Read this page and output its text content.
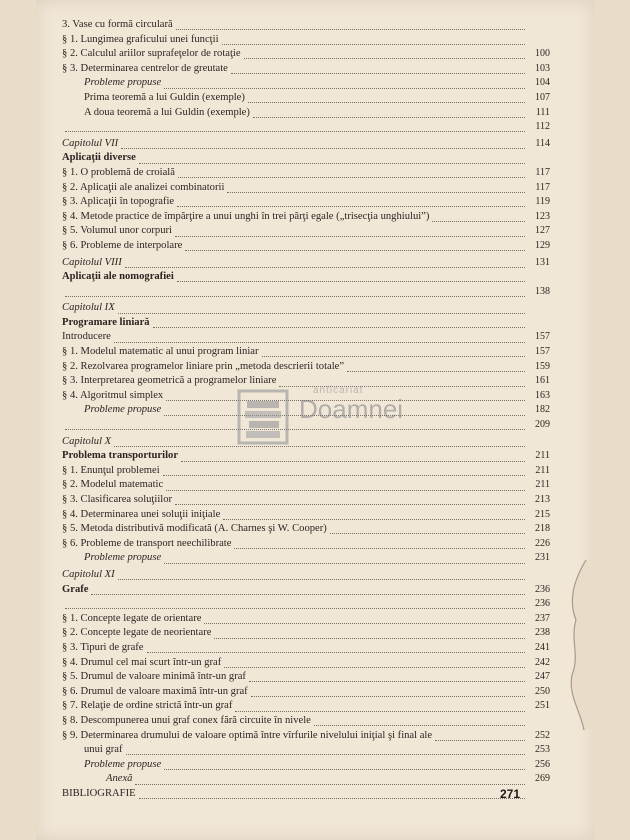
3. Vase cu formă circulară
§ 1. Lungimea graficului unei funcţii
§ 2. Calculul ariilor suprafeţelor de rotaţie	100
§ 3. Determinarea centrelor de greutate	103
Probleme propuse	104
Prima teoremă a lui Guldin (exemple)	107
A doua teoremă a lui Guldin (exemple)	111
112
Capitolul VII	114
Aplicaţii diverse
§ 1. O problemă de croială	117
§ 2. Aplicaţii ale analizei combinatorii	117
§ 3. Aplicaţii în topografie	119
§ 4. Metode practice de împărţire a unui unghi în trei părţi egale („trisecţia unghiului”)	123
§ 5. Volumul unor corpuri	127
§ 6. Probleme de interpolare	129
Capitolul VIII	131
Aplicaţii ale nomografiei
138
Capitolul IX
Programare liniară
Introducere	157
§ 1. Modelul matematic al unui program liniar	157
§ 2. Rezolvarea programelor liniare prin „metoda descrierii totale”	159
§ 3. Interpretarea geometrică a programelor liniare	161
§ 4. Algoritmul simplex	163
Probleme propuse	182
209
Capitolul X
Problema transporturilor	211
§ 1. Enunţul problemei	211
§ 2. Modelul matematic	211
§ 3. Clasificarea soluţiilor	213
§ 4. Determinarea unei soluţii iniţiale	215
§ 5. Metoda distributivă modificată (A. Charnes şi W. Cooper)	218
§ 6. Probleme de transport neechilibrate	226
Probleme propuse	231
Capitolul XI
Grafe	236
236
§ 1. Concepte legate de orientare	237
§ 2. Concepte legate de neorientare	238
§ 3. Tipuri de grafe	241
§ 4. Drumul cel mai scurt într-un graf	242
§ 5. Drumul de valoare minimă într-un graf	247
§ 6. Drumul de valoare maximă într-un graf	250
§ 7. Relaţie de ordine strictă într-un graf	251
§ 8. Descompunerea unui graf conex fără circuite în nivele
§ 9. Determinarea drumului de valoare optimă între vîrfurile nivelului iniţial şi final ale	252
unui graf	253
Probleme propuse	256
Anexă	269
BIBLIOGRAFIE	271
anticariat
Doamnei
